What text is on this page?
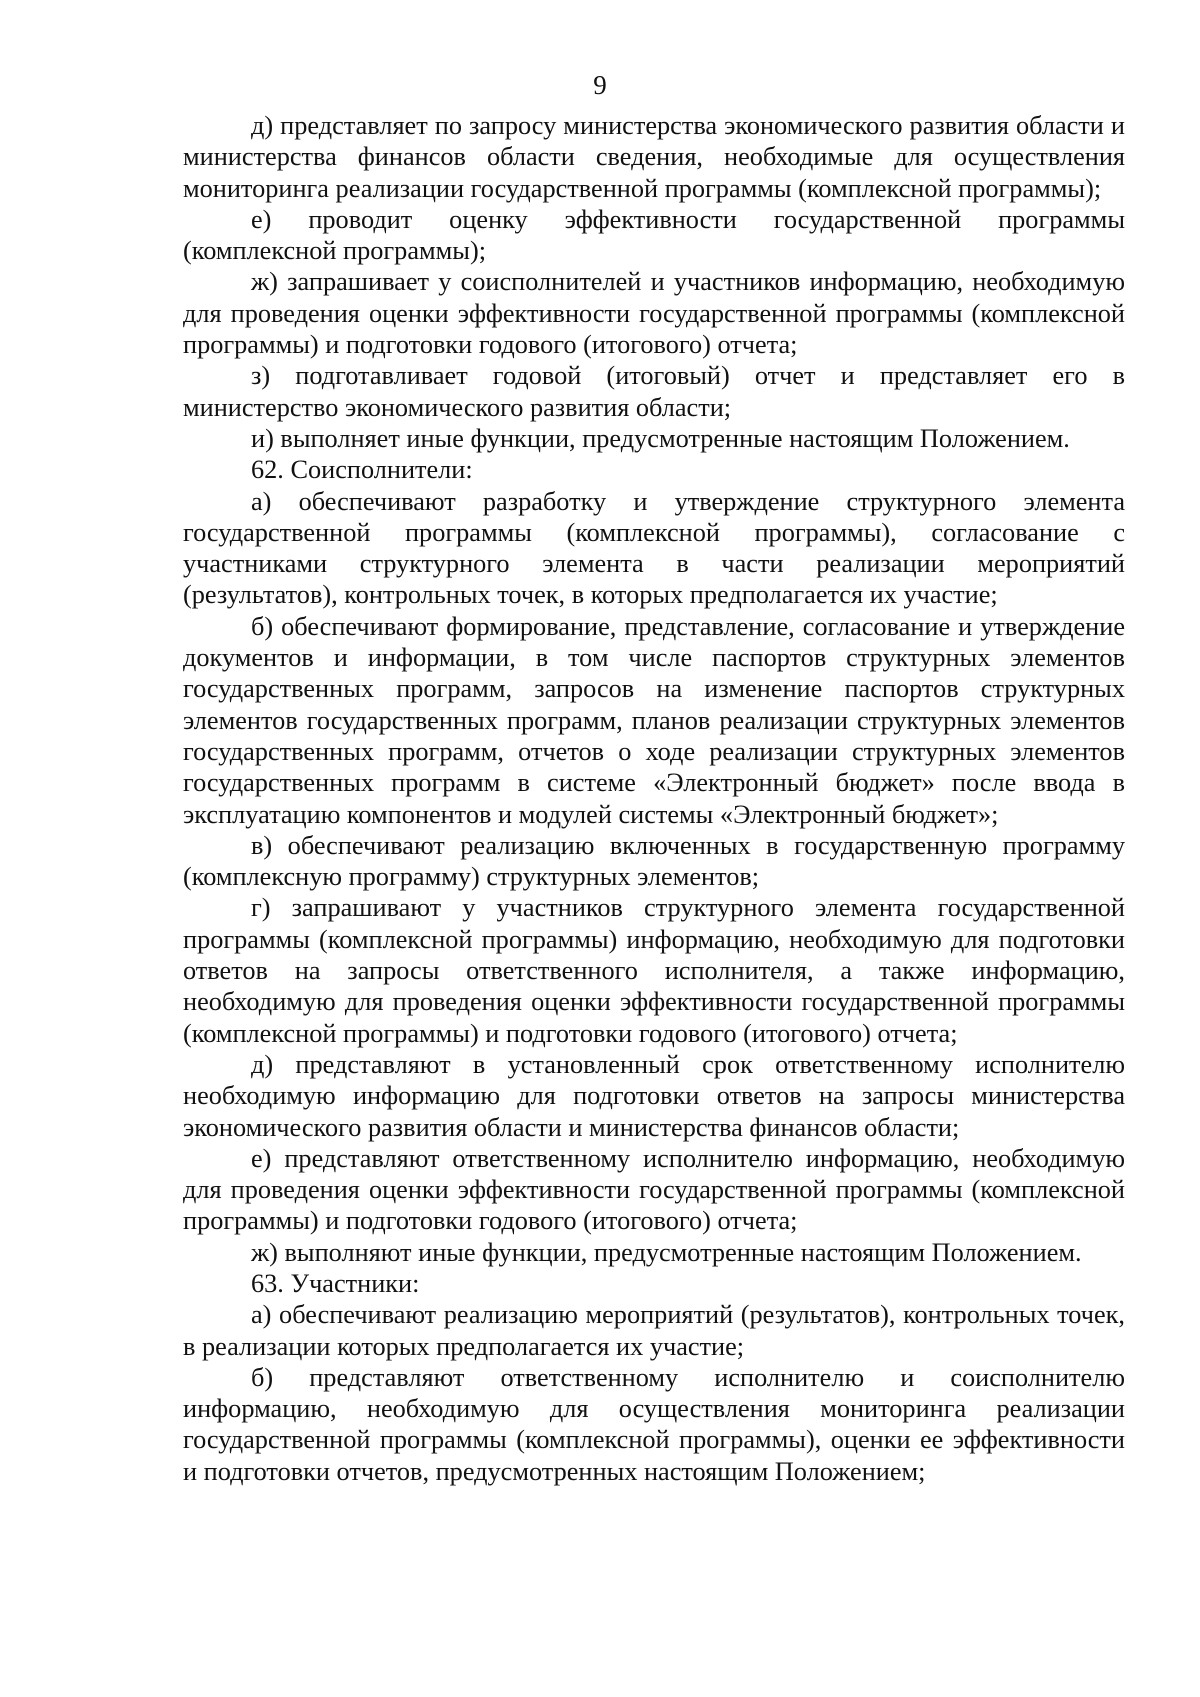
9

д) представляет по запросу министерства экономического развития области и министерства финансов области сведения, необходимые для осуществления мониторинга реализации государственной программы (комплексной программы);

е) проводит оценку эффективности государственной программы (комплексной программы);

ж) запрашивает у соисполнителей и участников информацию, необходимую для проведения оценки эффективности государственной программы (комплексной программы) и подготовки годового (итогового) отчета;

з) подготавливает годовой (итоговый) отчет и представляет его в министерство экономического развития области;

и) выполняет иные функции, предусмотренные настоящим Положением.

62. Соисполнители:

а) обеспечивают разработку и утверждение структурного элемента государственной программы (комплексной программы), согласование с участниками структурного элемента в части реализации мероприятий (результатов), контрольных точек, в которых предполагается их участие;

б) обеспечивают формирование, представление, согласование и утверждение документов и информации, в том числе паспортов структурных элементов государственных программ, запросов на изменение паспортов структурных элементов государственных программ, планов реализации структурных элементов государственных программ, отчетов о ходе реализации структурных элементов государственных программ в системе «Электронный бюджет» после ввода в эксплуатацию компонентов и модулей системы «Электронный бюджет»;

в) обеспечивают реализацию включенных в государственную программу (комплексную программу) структурных элементов;

г) запрашивают у участников структурного элемента государственной программы (комплексной программы) информацию, необходимую для подготовки ответов на запросы ответственного исполнителя, а также информацию, необходимую для проведения оценки эффективности государственной программы (комплексной программы) и подготовки годового (итогового) отчета;

д) представляют в установленный срок ответственному исполнителю необходимую информацию для подготовки ответов на запросы министерства экономического развития области и министерства финансов области;

е) представляют ответственному исполнителю информацию, необходимую для проведения оценки эффективности государственной программы (комплексной программы) и подготовки годового (итогового) отчета;

ж) выполняют иные функции, предусмотренные настоящим Положением.

63. Участники:

а) обеспечивают реализацию мероприятий (результатов), контрольных точек, в реализации которых предполагается их участие;

б) представляют ответственному исполнителю и соисполнителю информацию, необходимую для осуществления мониторинга реализации государственной программы (комплексной программы), оценки ее эффективности и подготовки отчетов, предусмотренных настоящим Положением;
